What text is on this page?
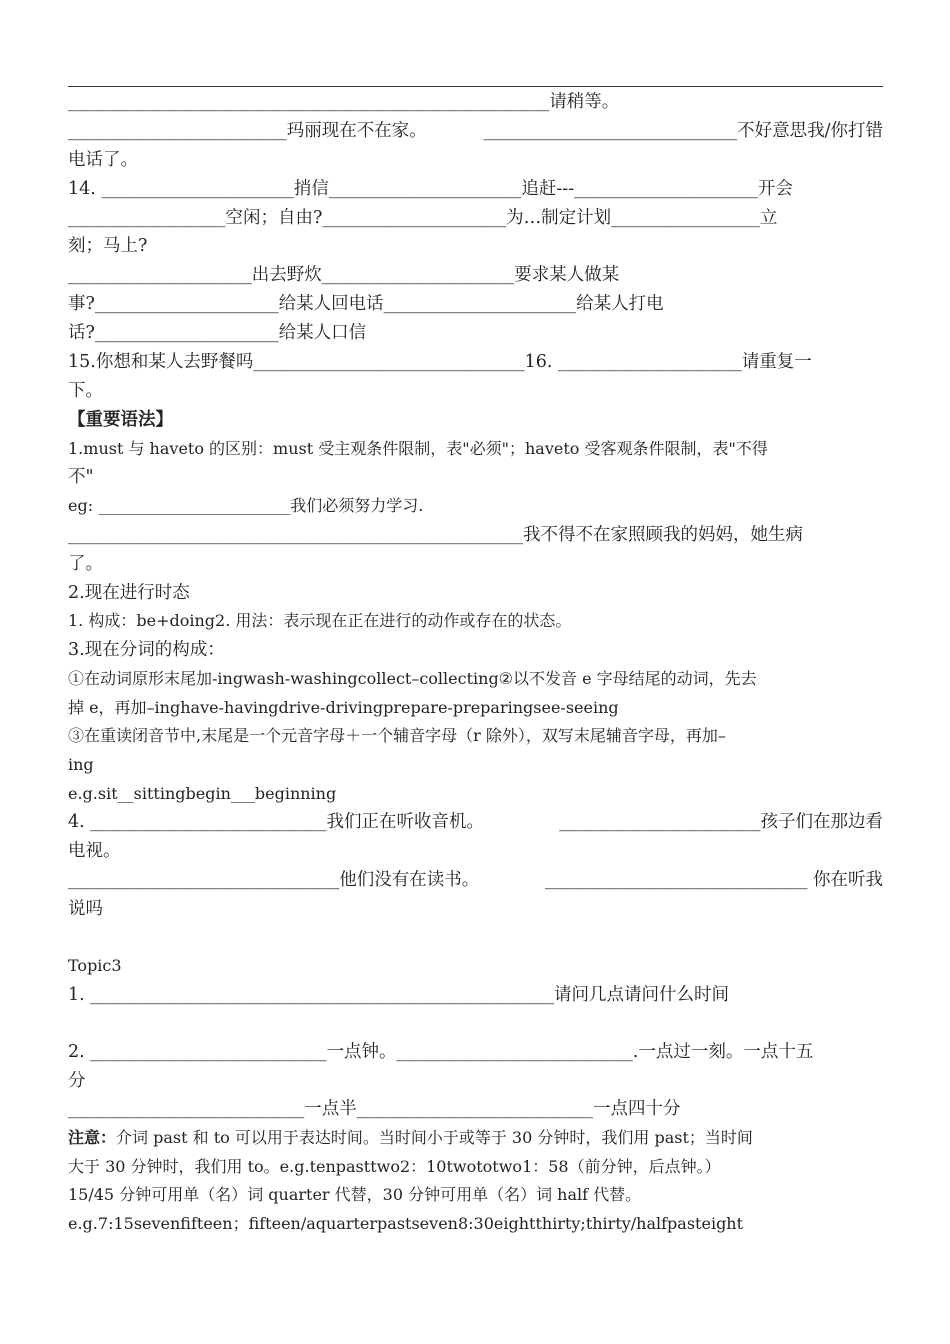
_______________________________________________________请稍等。
_________________________玛丽现在不在家。	_____________________________不好意思我/你打错
电话了。
14. ______________________捎信______________________追赶---_____________________开会
__________________空闲；自由?_____________________为…制定计划_________________立
刻；马上?
_____________________出去野炊______________________要求某人做某
事?_____________________给某人回电话______________________给某人打电
话?_____________________给某人口信
15.你想和某人去野餐吗_______________________________16. _____________________请重复一
下。
【重要语法】
1.must 与 haveto 的区别：must 受主观条件限制，表"必须"；haveto 受客观条件限制，表"不得
不"
eg: ________________________我们必须努力学习.
____________________________________________________我不得不在家照顾我的妈妈，她生病
了。
2.现在进行时态
1. 构成：be+doing2. 用法：表示现在正在进行的动作或存在的状态。
3.现在分词的构成：
①在动词原形末尾加-ingwash-washingcollect–collecting②以不发音 e 字母结尾的动词，先去
掉 e，再加–inghave-havingdrive-drivingprepare-preparingsee-seeing
③在重读闭音节中,末尾是一个元音字母＋一个辅音字母（r 除外），双写末尾辅音字母，再加–
ing
e.g.sit__sittingbegin___beginning
4. ___________________________我们正在听收音机。	_______________________孩子们在那边看
电视。
_______________________________他们没有在读书。	______________________________ 你在听我
说吗
Topic3
1. _____________________________________________________请问几点请问什么时间
2. ___________________________一点钟。___________________________.一点过一刻。一点十五
分
___________________________一点半___________________________一点四十分
注意：介词 past 和 to 可以用于表达时间。当时间小于或等于 30 分钟时，我们用 past；当时间
大于 30 分钟时，我们用 to。e.g.tenpasttwo2：10twototwo1：58（前分钟，后点钟。）
15/45 分钟可用单（名）词 quarter 代替，30 分钟可用单（名）词 half 代替。
e.g.7:15sevenfifteen；fifteen/aquarterpastseven8:30eightthirty;thirty/halfpasteight
